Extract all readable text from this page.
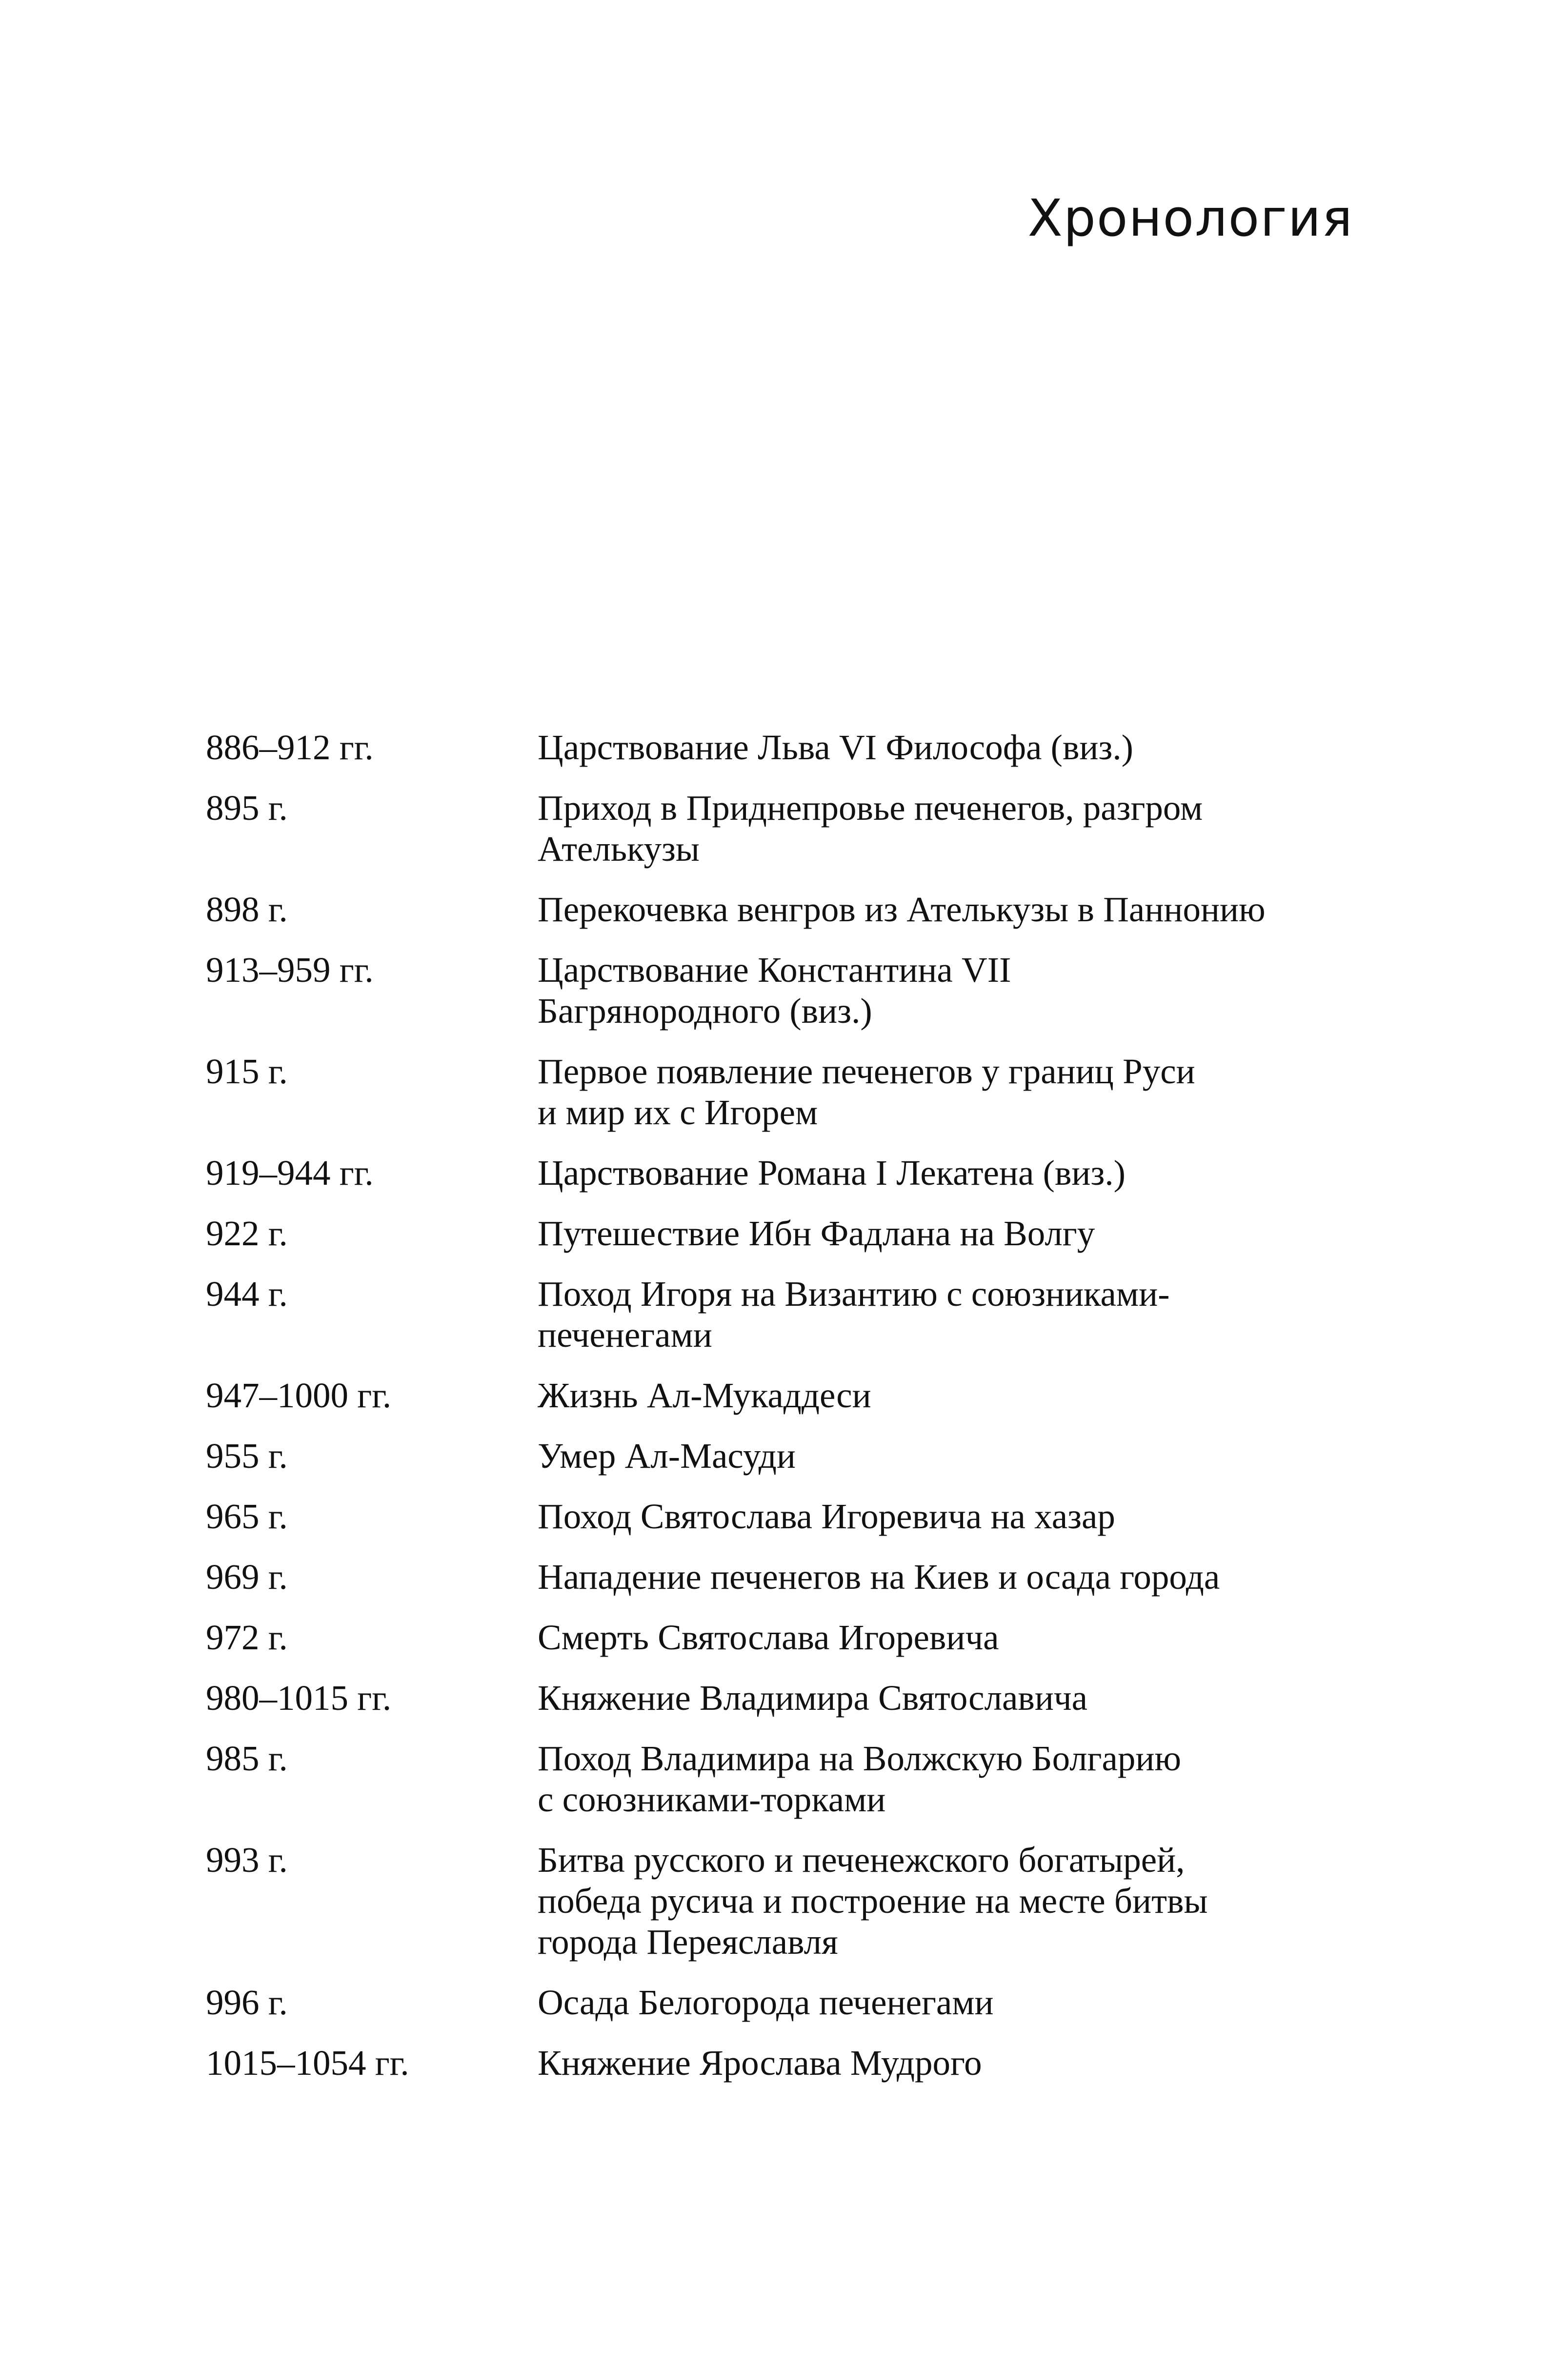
Хронология
886–912 гг.	Царствование Льва VI Философа (виз.)
895 г.	Приход в Приднепровье печенегов, разгром
Ателькузы
898 г.	Перекочевка венгров из Ателькузы в Паннонию
913–959 гг.	Царствование Константина VII
Багрянородного (виз.)
915 г.	Первое появление печенегов у границ Руси
и мир их с Игорем
919–944 гг.	Царствование Романа I Лекатена (виз.)
922 г.	Путешествие Ибн Фадлана на Волгу
944 г.	Поход Игоря на Византию с союзниками-
печенегами
947–1000 гг.	Жизнь Ал-Мукаддеси
955 г.	Умер Ал-Масуди
965 г.	Поход Святослава Игоревича на хазар
969 г.	Нападение печенегов на Киев и осада города
972 г.	Смерть Святослава Игоревича
980–1015 гг.	Княжение Владимира Святославича
985 г.	Поход Владимира на Волжскую Болгарию
с союзниками-торками
993 г.	Битва русского и печенежского богатырей,
победа русича и построение на месте битвы
города Переяславля
996 г.	Осада Белогорода печенегами
1015–1054 гг.	Княжение Ярослава Мудрого
